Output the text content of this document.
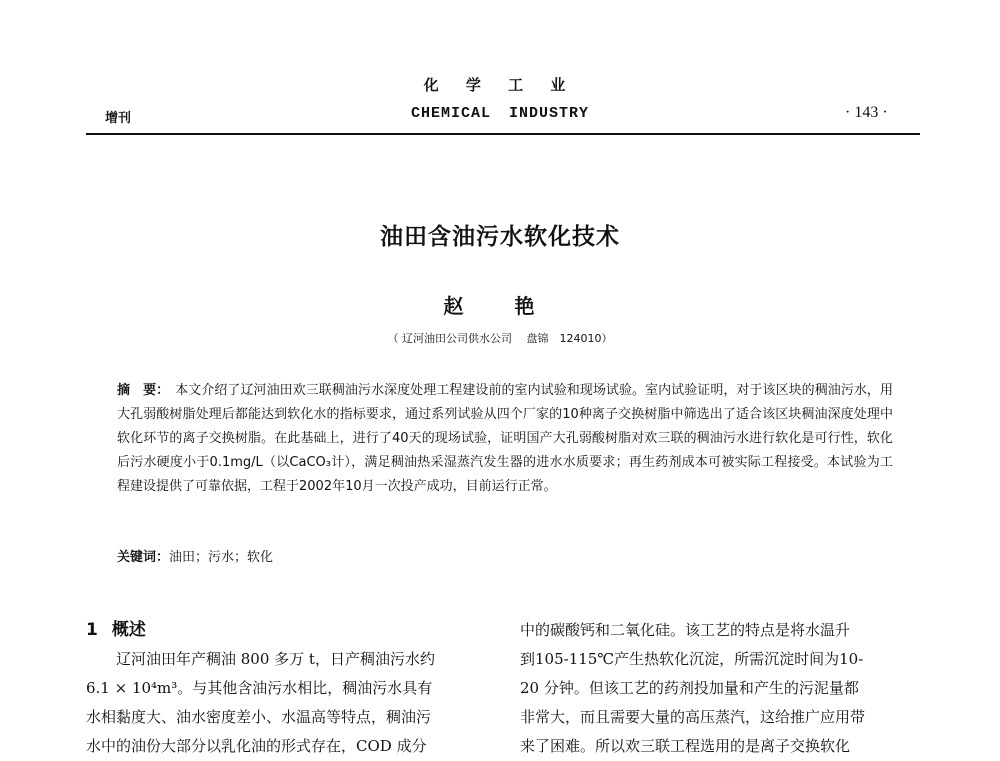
化 学 工 业
CHEMICAL INDUSTRY
增刊	· 143 ·
油田含油污水软化技术
赵 艳
（ 辽河油田公司供水公司　 盘锦　124010）
摘　要： 本文介绍了辽河油田欢三联稠油污水深度处理工程建设前的室内试验和现场试验。室内试验证明，对于该区块的稠油污水，用大孔弱酸树脂处理后都能达到软化水的指标要求，通过系列试验从四个厂家的10种离子交换树脂中筛选出了适合该区块稠油深度处理中软化环节的离子交换树脂。在此基础上，进行了40天的现场试验，证明国产大孔弱酸树脂对欢三联的稠油污水进行软化是可行性，软化后污水硬度小于0.1mg/L（以CaCO₃计），满足稠油热采湿蒸汽发生器的进水水质要求；再生药剂成本可被实际工程接受。本试验为工程建设提供了可靠依据，工程于2002年10月一次投产成功，目前运行正常。
关键词：油田；污水；软化
1 概述
辽河油田年产稠油 800 多万 t，日产稠油污水约
6.1 × 10⁴m³。与其他含油污水相比，稠油污水具有
水相黏度大、油水密度差小、水温高等特点，稠油污
水中的油份大部分以乳化油的形式存在，COD 成分
中的碳酸钙和二氧化硅。该工艺的特点是将水温升
到105-115℃产生热软化沉淀，所需沉淀时间为10-
20 分钟。但该工艺的药剂投加量和产生的污泥量都
非常大，而且需要大量的高压蒸汽，这给推广应用带
来了困难。所以欢三联工程选用的是离子交换软化
